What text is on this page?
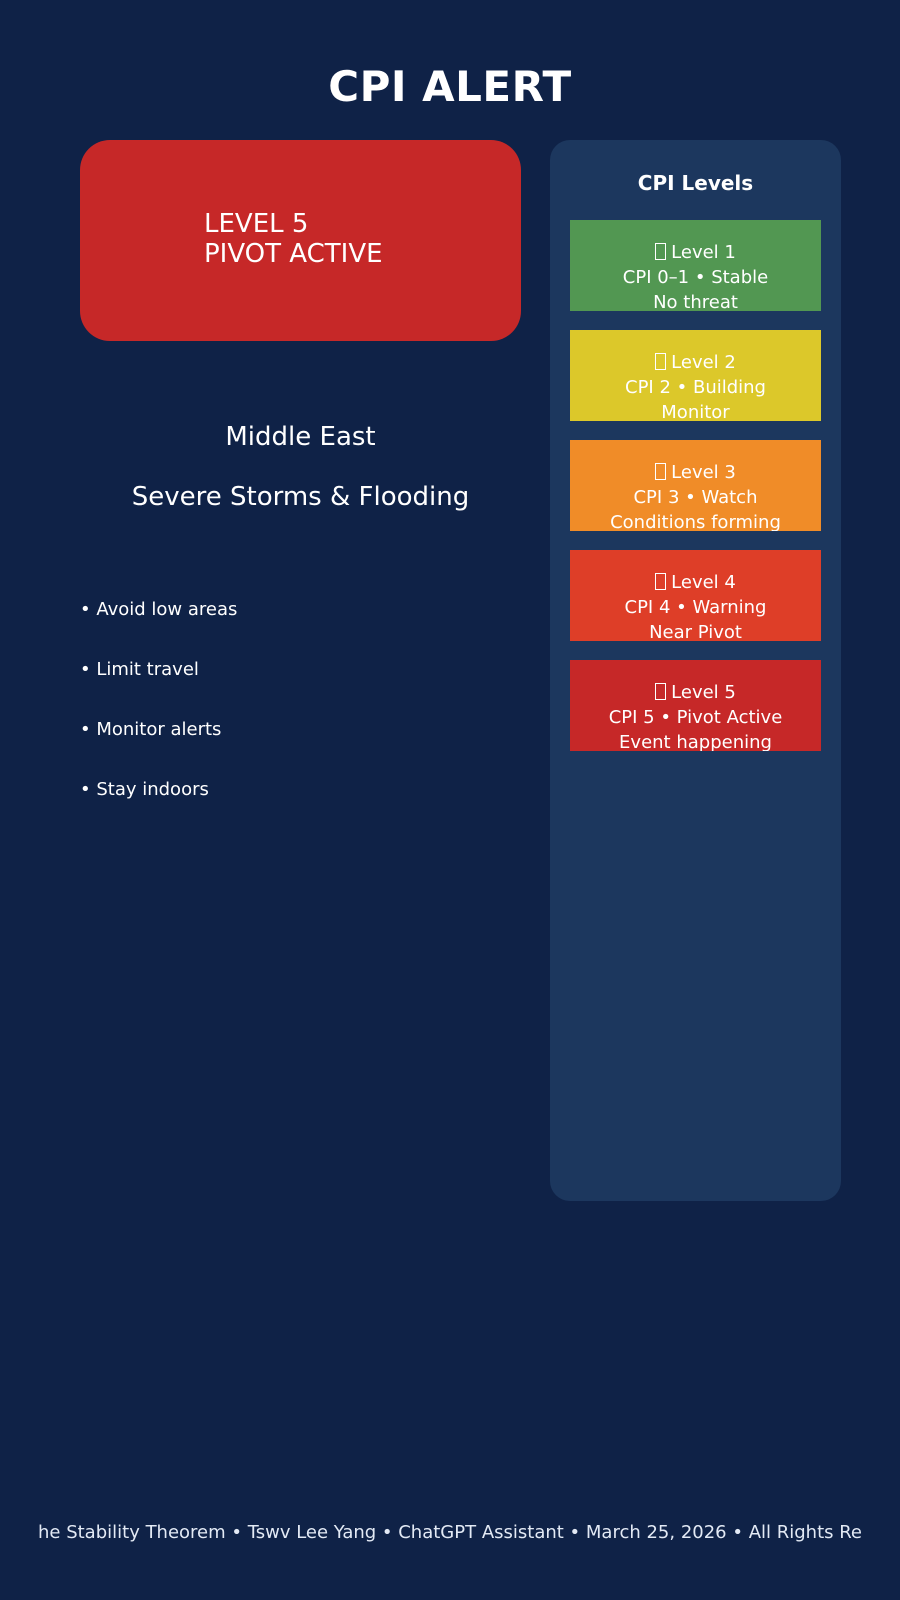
CPI ALERT
LEVEL 5
PIVOT ACTIVE
Middle East
Severe Storms & Flooding
• Avoid low areas
• Limit travel
• Monitor alerts
• Stay indoors
CPI Levels
Level 1
CPI 0–1 • Stable
No threat
Level 2
CPI 2 • Building
Monitor
Level 3
CPI 3 • Watch
Conditions forming
Level 4
CPI 4 • Warning
Near Pivot
Level 5
CPI 5 • Pivot Active
Event happening
he Stability Theorem • Tswv Lee Yang • ChatGPT Assistant • March 25, 2026 • All Rights Re
